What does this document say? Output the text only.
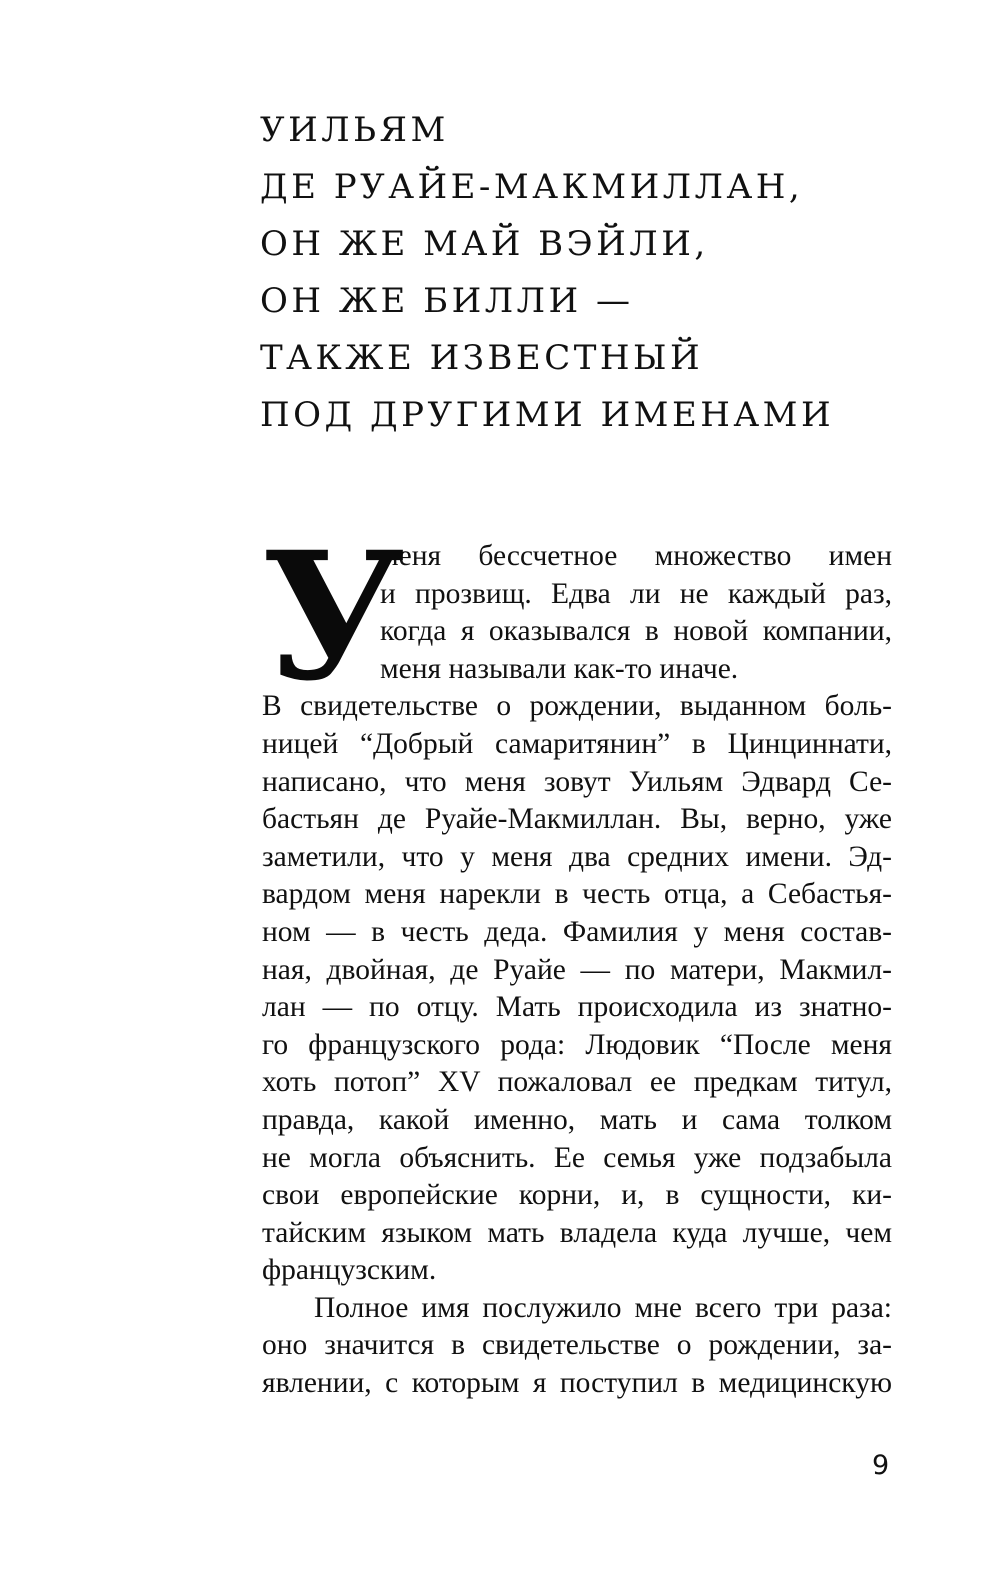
УИЛЬЯМ
ДЕ РУАЙЕ-МАКМИЛЛАН,
ОН ЖЕ МАЙ ВЭЙЛИ,
ОН ЖЕ БИЛЛИ —
ТАКЖЕ ИЗВЕСТНЫЙ
ПОД ДРУГИМИ ИМЕНАМИ
У
меня бессчетное множество имен
и прозвищ. Едва ли не каждый раз,
когда я оказывался в новой компании,
меня называли как-то иначе.
В свидетельстве о рождении, выданном боль-
ницей “Добрый самаритянин” в Цинциннати,
написано, что меня зовут Уильям Эдвард Се-
бастьян де Руайе-Макмиллан. Вы, верно, уже
заметили, что у меня два средних имени. Эд-
вардом меня нарекли в честь отца, а Себастья-
ном — в честь деда. Фамилия у меня состав-
ная, двойная, де Руайе — по матери, Макмил-
лан — по отцу. Мать происходила из знатно-
го французского рода: Людовик “После меня
хоть потоп” XV пожаловал ее предкам титул,
правда, какой именно, мать и сама толком
не могла объяснить. Ее семья уже подзабыла
свои европейские корни, и, в сущности, ки-
тайским языком мать владела куда лучше, чем
французским.
Полное имя послужило мне всего три раза:
оно значится в свидетельстве о рождении, за-
явлении, с которым я поступил в медицинскую
9
